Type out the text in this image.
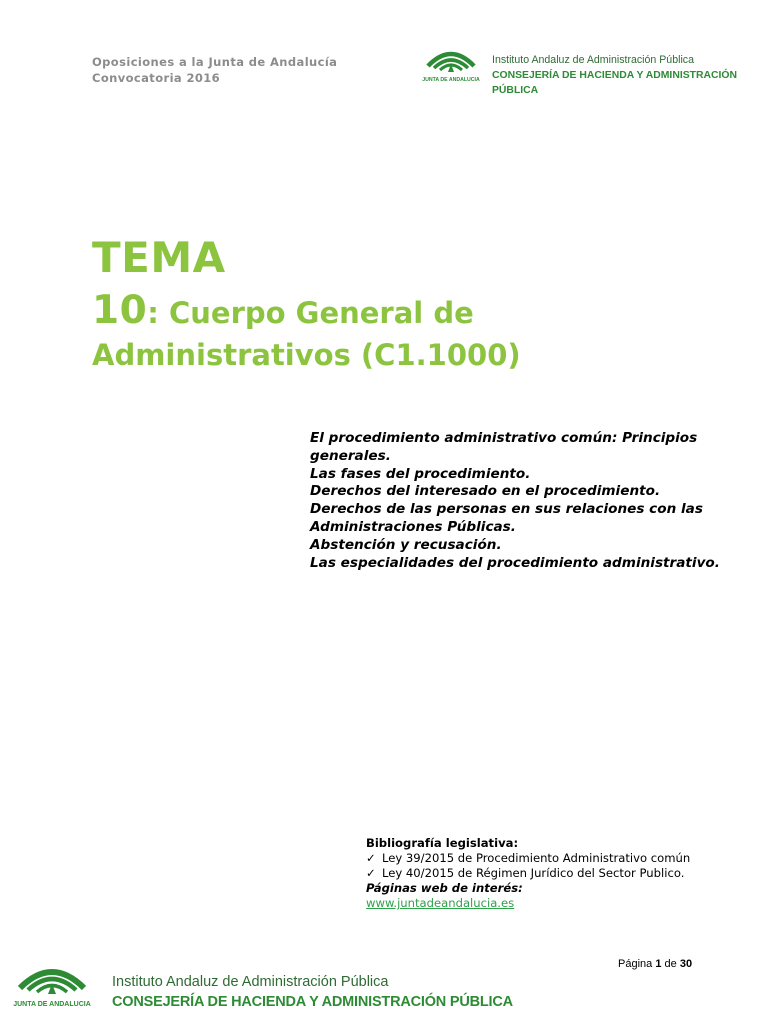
Oposiciones a la Junta de Andalucía
Convocatoria 2016	JUNTA DE ANDALUCIA
Instituto Andaluz de Administración Pública
CONSEJERÍA DE HACIENDA Y ADMINISTRACIÓN PÚBLICA
TEMA
10: Cuerpo General de
Administrativos (C1.1000)
El procedimiento administrativo común: Principios generales.
Las fases del procedimiento.
Derechos del interesado en el procedimiento.
Derechos de las personas en sus relaciones con las Administraciones Públicas.
Abstención y recusación.
Las especialidades del procedimiento administrativo.
Bibliografía legislativa:
✓ Ley 39/2015 de Procedimiento Administrativo común
✓ Ley 40/2015 de Régimen Jurídico del Sector Publico.
Páginas web de interés:
www.juntadeandalucia.es
Página 1 de 30
JUNTA DE ANDALUCIA
Instituto Andaluz de Administración Pública
CONSEJERÍA DE HACIENDA Y ADMINISTRACIÓN PÚBLICA
